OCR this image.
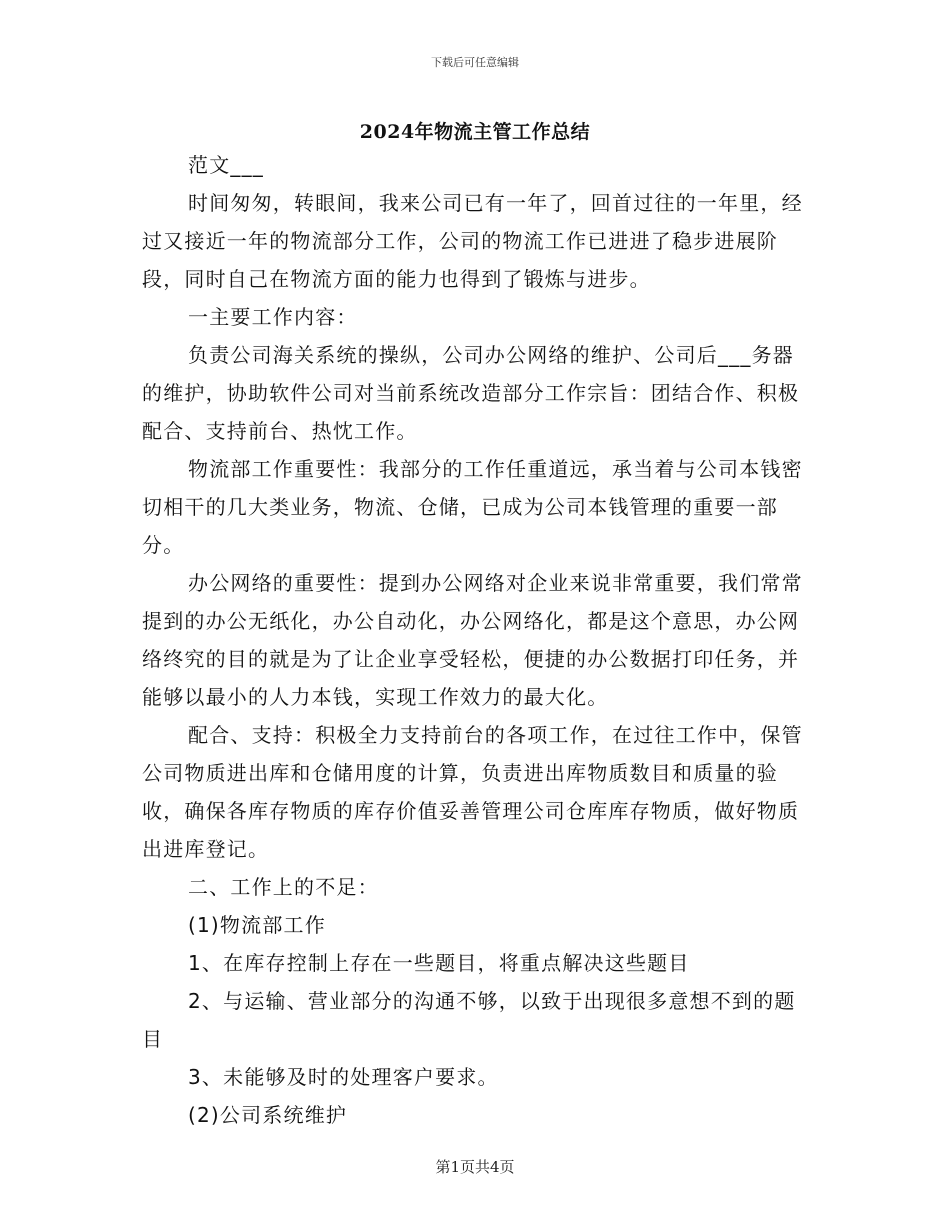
下载后可任意编辑
2024年物流主管工作总结

范文___

时间匆匆，转眼间，我来公司已有一年了，回首过往的一年里，经过又接近一年的物流部分工作，公司的物流工作已进进了稳步进展阶段，同时自己在物流方面的能力也得到了锻炼与进步。

一主要工作内容：

负责公司海关系统的操纵，公司办公网络的维护、公司后___务器的维护，协助软件公司对当前系统改造部分工作宗旨：团结合作、积极配合、支持前台、热忱工作。

物流部工作重要性：我部分的工作任重道远，承当着与公司本钱密切相干的几大类业务，物流、仓储，已成为公司本钱管理的重要一部分。

办公网络的重要性：提到办公网络对企业来说非常重要，我们常常提到的办公无纸化，办公自动化，办公网络化，都是这个意思，办公网络终究的目的就是为了让企业享受轻松，便捷的办公数据打印任务，并能够以最小的人力本钱，实现工作效力的最大化。

配合、支持：积极全力支持前台的各项工作，在过往工作中，保管公司物质进出库和仓储用度的计算，负责进出库物质数目和质量的验收，确保各库存物质的库存价值妥善管理公司仓库库存物质，做好物质出进库登记。

二、工作上的不足：

(1)物流部工作

1、在库存控制上存在一些题目，将重点解决这些题目

2、与运输、营业部分的沟通不够，以致于出现很多意想不到的题目

3、未能够及时的处理客户要求。

(2)公司系统维护

第1页共4页
